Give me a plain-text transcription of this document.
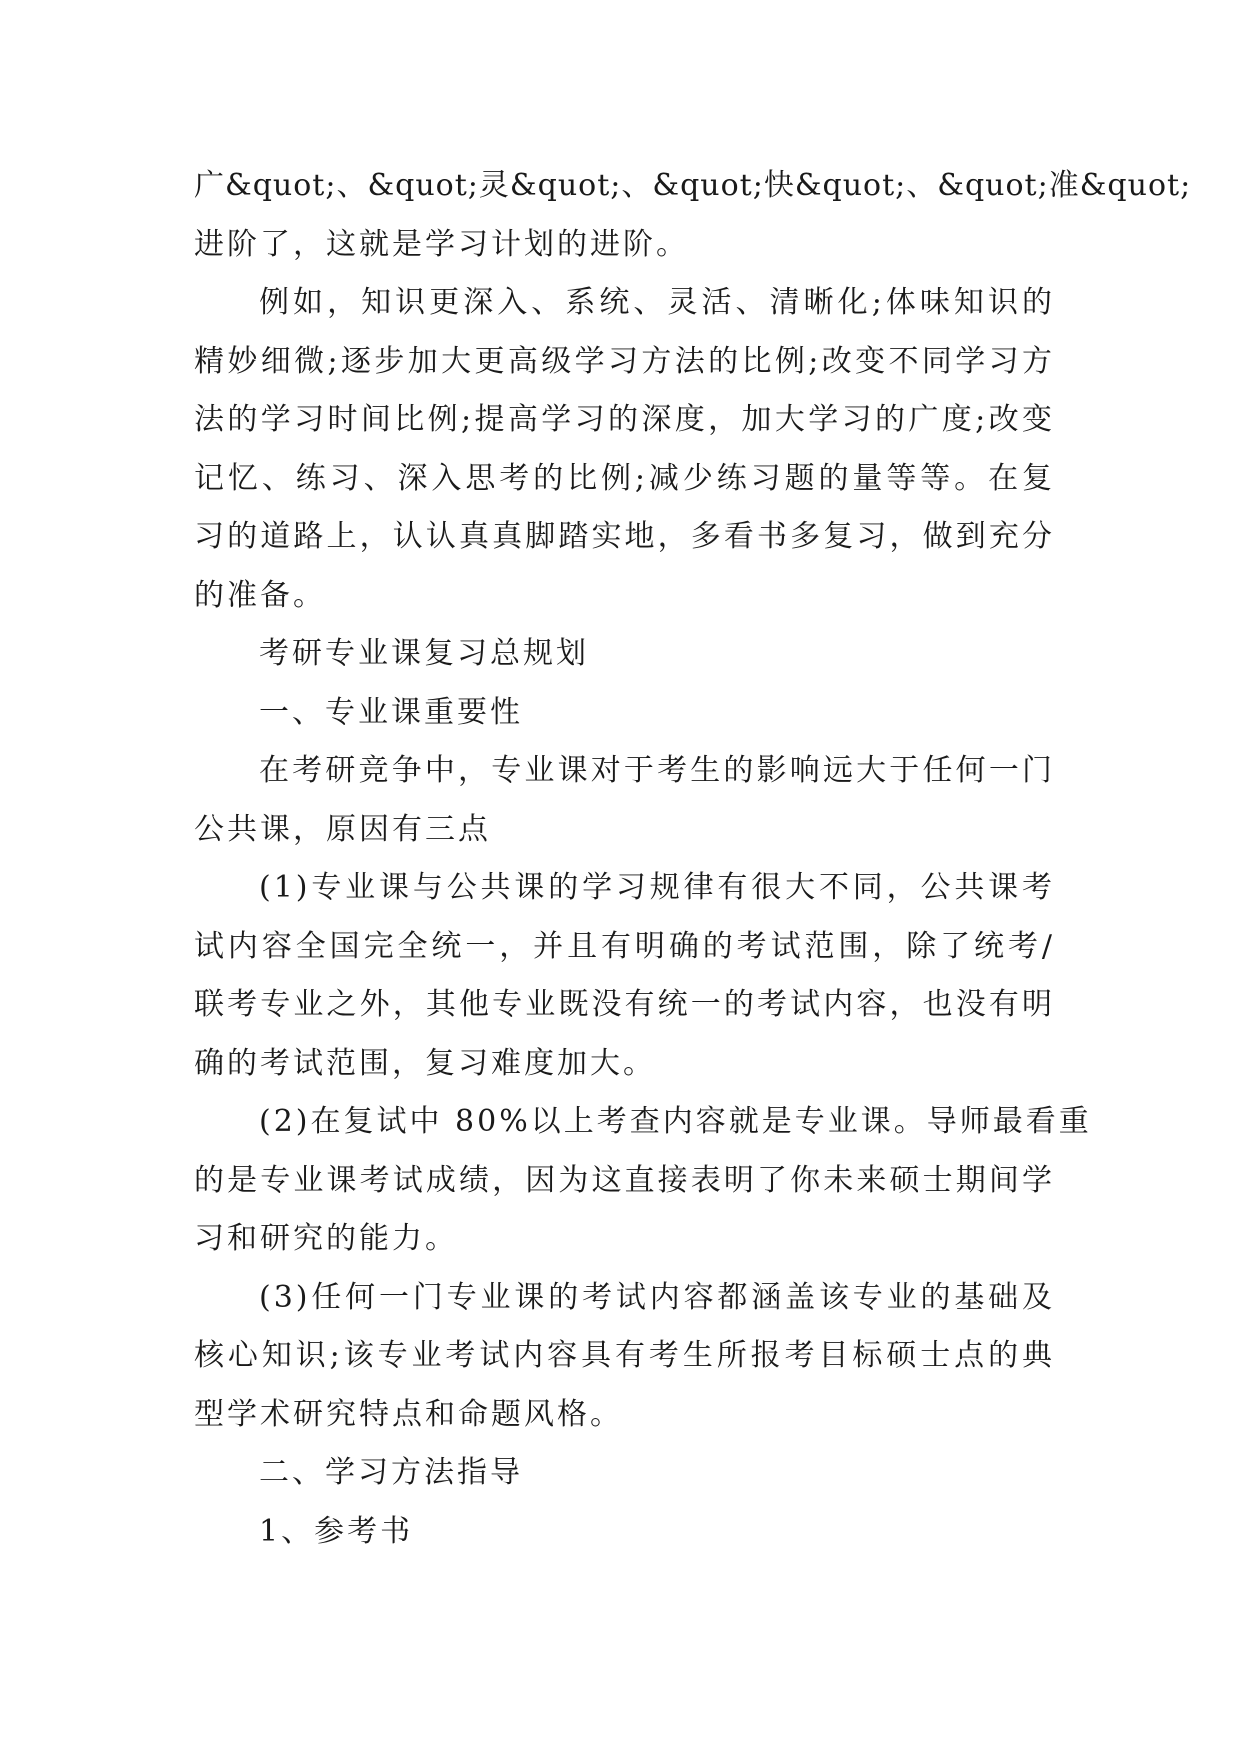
广&quot;、&quot;灵&quot;、&quot;快&quot;、&quot;准&quot;
进阶了，这就是学习计划的进阶。
例如，知识更深入、系统、灵活、清晰化;体味知识的
精妙细微;逐步加大更高级学习方法的比例;改变不同学习方
法的学习时间比例;提高学习的深度，加大学习的广度;改变
记忆、练习、深入思考的比例;减少练习题的量等等。在复
习的道路上，认认真真脚踏实地，多看书多复习，做到充分
的准备。
考研专业课复习总规划
一、专业课重要性
在考研竞争中，专业课对于考生的影响远大于任何一门
公共课，原因有三点
(1)专业课与公共课的学习规律有很大不同，公共课考
试内容全国完全统一，并且有明确的考试范围，除了统考/
联考专业之外，其他专业既没有统一的考试内容，也没有明
确的考试范围，复习难度加大。
(2)在复试中 80%以上考查内容就是专业课。导师最看重
的是专业课考试成绩，因为这直接表明了你未来硕士期间学
习和研究的能力。
(3)任何一门专业课的考试内容都涵盖该专业的基础及
核心知识;该专业考试内容具有考生所报考目标硕士点的典
型学术研究特点和命题风格。
二、学习方法指导
1、参考书
